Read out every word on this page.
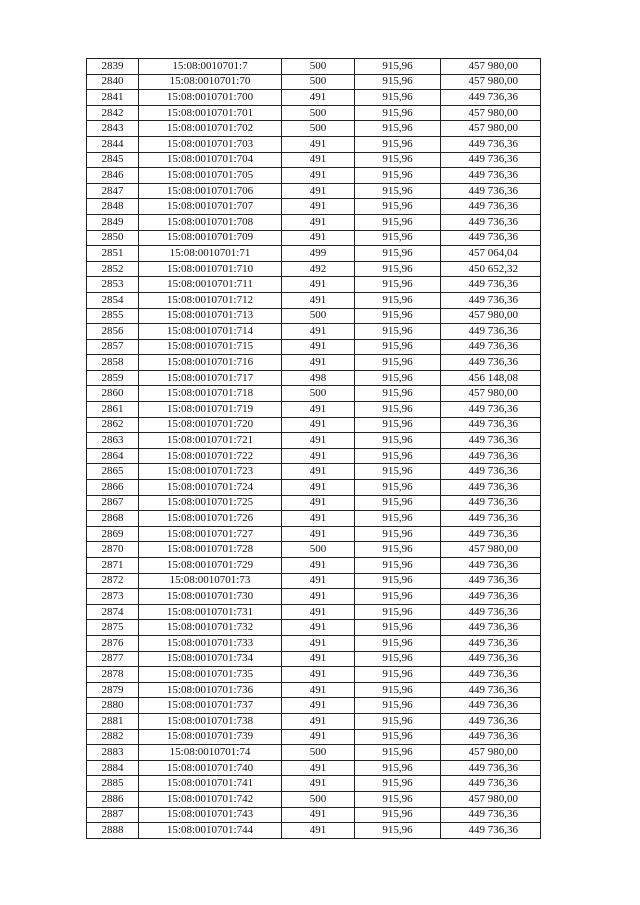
2839	15:08:0010701:7	500	915,96	457 980,00
2840	15:08:0010701:70	500	915,96	457 980,00
2841	15:08:0010701:700	491	915,96	449 736,36
2842	15:08:0010701:701	500	915,96	457 980,00
2843	15:08:0010701:702	500	915,96	457 980,00
2844	15:08:0010701:703	491	915,96	449 736,36
2845	15:08:0010701:704	491	915,96	449 736,36
2846	15:08:0010701:705	491	915,96	449 736,36
2847	15:08:0010701:706	491	915,96	449 736,36
2848	15:08:0010701:707	491	915,96	449 736,36
2849	15:08:0010701:708	491	915,96	449 736,36
2850	15:08:0010701:709	491	915,96	449 736,36
2851	15:08:0010701:71	499	915,96	457 064,04
2852	15:08:0010701:710	492	915,96	450 652,32
2853	15:08:0010701:711	491	915,96	449 736,36
2854	15:08:0010701:712	491	915,96	449 736,36
2855	15:08:0010701:713	500	915,96	457 980,00
2856	15:08:0010701:714	491	915,96	449 736,36
2857	15:08:0010701:715	491	915,96	449 736,36
2858	15:08:0010701:716	491	915,96	449 736,36
2859	15:08:0010701:717	498	915,96	456 148,08
2860	15:08:0010701:718	500	915,96	457 980,00
2861	15:08:0010701:719	491	915,96	449 736,36
2862	15:08:0010701:720	491	915,96	449 736,36
2863	15:08:0010701:721	491	915,96	449 736,36
2864	15:08:0010701:722	491	915,96	449 736,36
2865	15:08:0010701:723	491	915,96	449 736,36
2866	15:08:0010701:724	491	915,96	449 736,36
2867	15:08:0010701:725	491	915,96	449 736,36
2868	15:08:0010701:726	491	915,96	449 736,36
2869	15:08:0010701:727	491	915,96	449 736,36
2870	15:08:0010701:728	500	915,96	457 980,00
2871	15:08:0010701:729	491	915,96	449 736,36
2872	15:08:0010701:73	491	915,96	449 736,36
2873	15:08:0010701:730	491	915,96	449 736,36
2874	15:08:0010701:731	491	915,96	449 736,36
2875	15:08:0010701:732	491	915,96	449 736,36
2876	15:08:0010701:733	491	915,96	449 736,36
2877	15:08:0010701:734	491	915,96	449 736,36
2878	15:08:0010701:735	491	915,96	449 736,36
2879	15:08:0010701:736	491	915,96	449 736,36
2880	15:08:0010701:737	491	915,96	449 736,36
2881	15:08:0010701:738	491	915,96	449 736,36
2882	15:08:0010701:739	491	915,96	449 736,36
2883	15:08:0010701:74	500	915,96	457 980,00
2884	15:08:0010701:740	491	915,96	449 736,36
2885	15:08:0010701:741	491	915,96	449 736,36
2886	15:08:0010701:742	500	915,96	457 980,00
2887	15:08:0010701:743	491	915,96	449 736,36
2888	15:08:0010701:744	491	915,96	449 736,36
